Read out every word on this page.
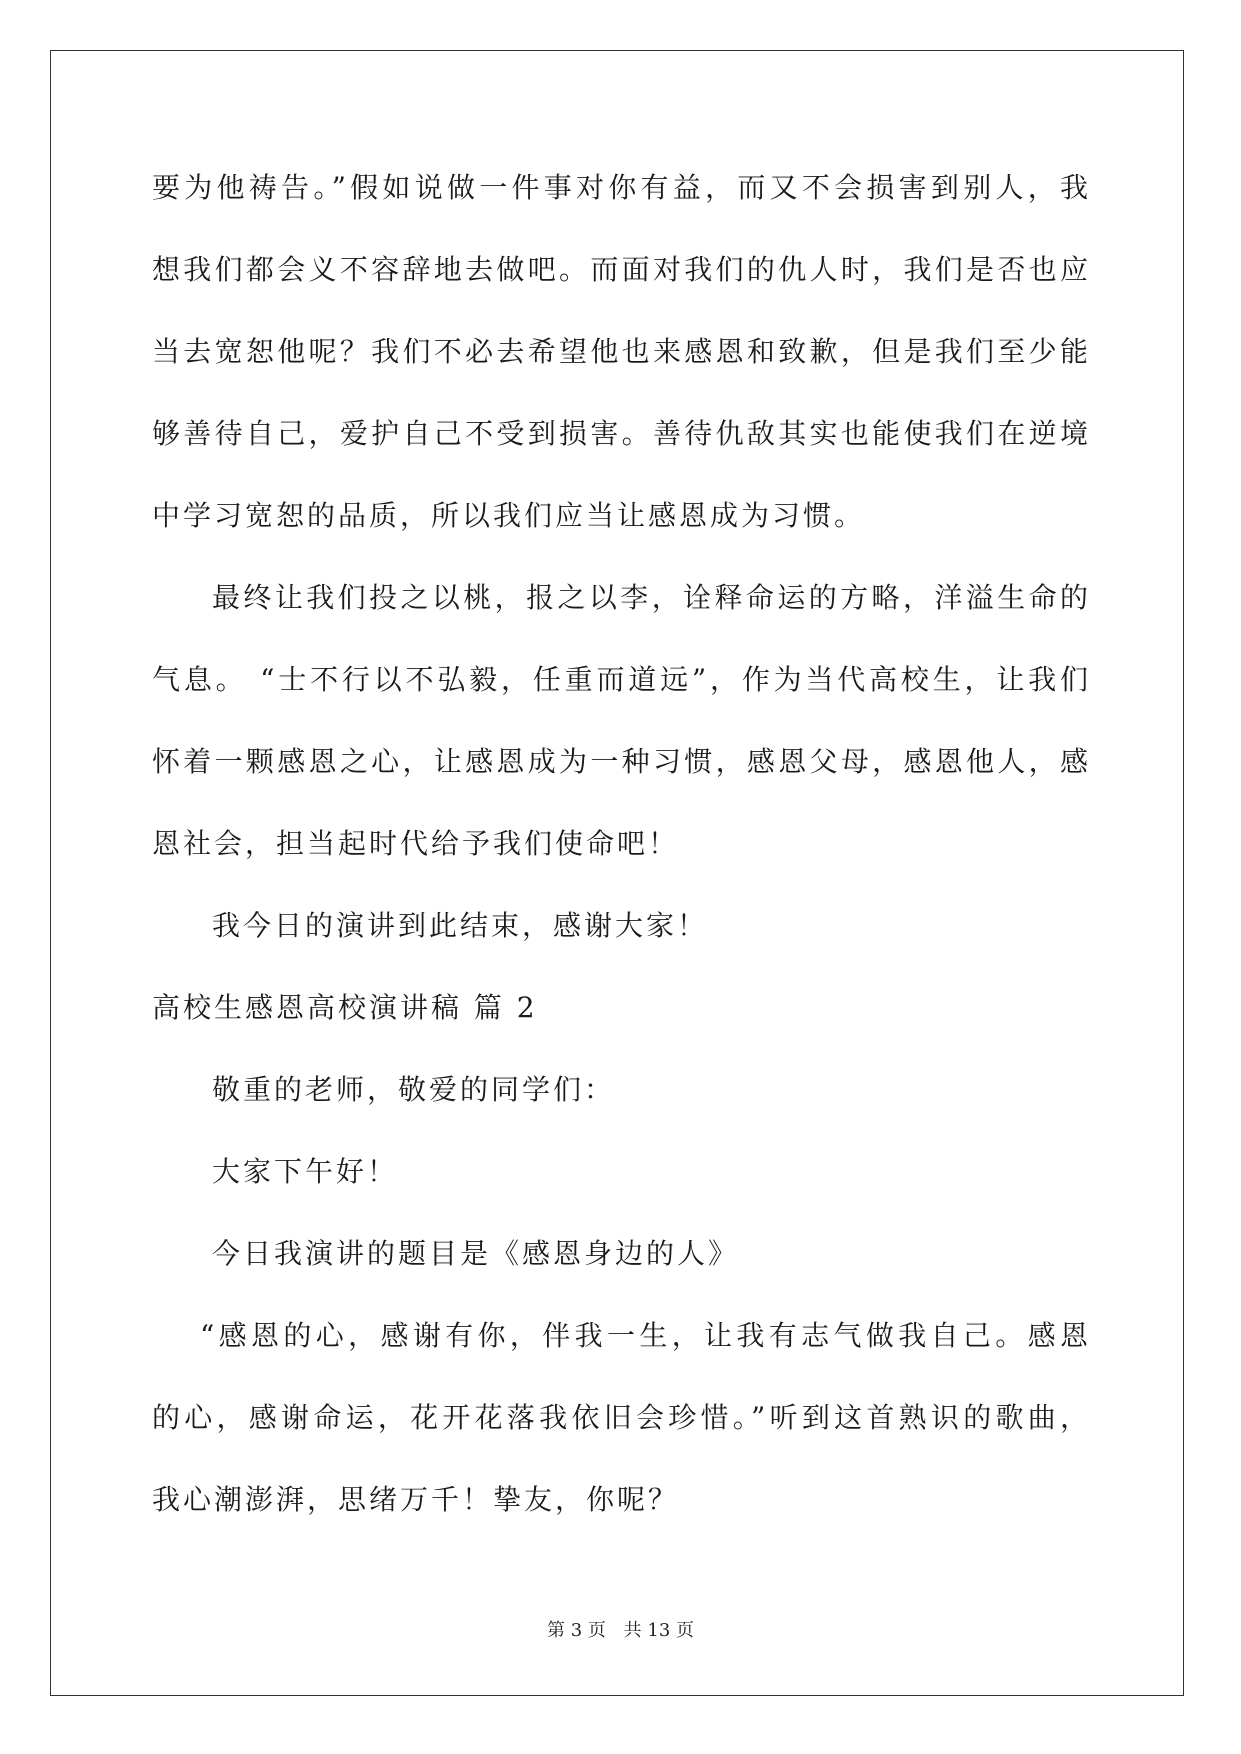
要为他祷告。”假如说做一件事对你有益，而又不会损害到别人，我
想我们都会义不容辞地去做吧。而面对我们的仇人时，我们是否也应
当去宽恕他呢？我们不必去希望他也来感恩和致歉，但是我们至少能
够善待自己，爱护自己不受到损害。善待仇敌其实也能使我们在逆境
中学习宽恕的品质，所以我们应当让感恩成为习惯。
最终让我们投之以桃，报之以李，诠释命运的方略，洋溢生命的
气息。 “士不行以不弘毅，任重而道远”，作为当代高校生，让我们
怀着一颗感恩之心，让感恩成为一种习惯，感恩父母，感恩他人，感
恩社会，担当起时代给予我们使命吧！
我今日的演讲到此结束，感谢大家！
高校生感恩高校演讲稿 篇 2
敬重的老师，敬爱的同学们：
大家下午好！
今日我演讲的题目是《感恩身边的人》
“感恩的心，感谢有你，伴我一生，让我有志气做我自己。感恩
的心，感谢命运，花开花落我依旧会珍惜。”听到这首熟识的歌曲，
我心潮澎湃，思绪万千！挚友，你呢？
第 3 页 共 13 页
